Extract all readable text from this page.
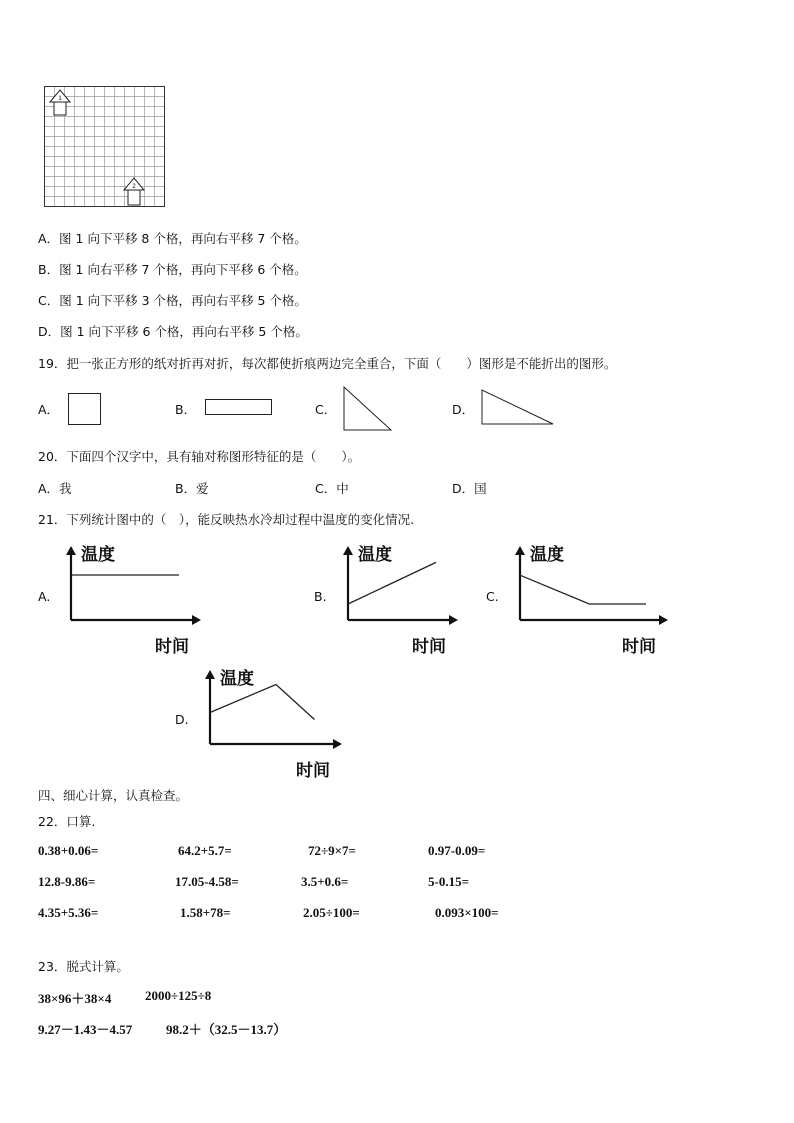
1
2
A．图 1 向下平移 8 个格，再向右平移 7 个格。
B．图 1 向右平移 7 个格，再向下平移 6 个格。
C．图 1 向下平移 3 个格，再向右平移 5 个格。
D．图 1 向下平移 6 个格，再向右平移 5 个格。
19．把一张正方形的纸对折再对折，每次都使折痕两边完全重合，下面（　　）图形是不能折出的图形。
A．	B．	C．	D．
20．下面四个汉字中，具有轴对称图形特征的是（　　）。
A．我	B．爱	C．中	D．国
21．下列统计图中的（　），能反映热水冷却过程中温度的变化情况.
A.	B.	C.
D.
温度
时间
温度
时间
温度
时间
温度
时间
四、细心计算，认真检查。
22．口算.
0.38+0.06=	64.2+5.7=	72÷9×7=	0.97-0.09=
12.8-9.86=	17.05-4.58=	3.5+0.6=	5-0.15=
4.35+5.36=	1.58+78=	2.05÷100=	0.093×100=
23．脱式计算。
38×96＋38×4	2000÷125÷8
9.27－1.43－4.57	98.2＋（32.5－13.7）
